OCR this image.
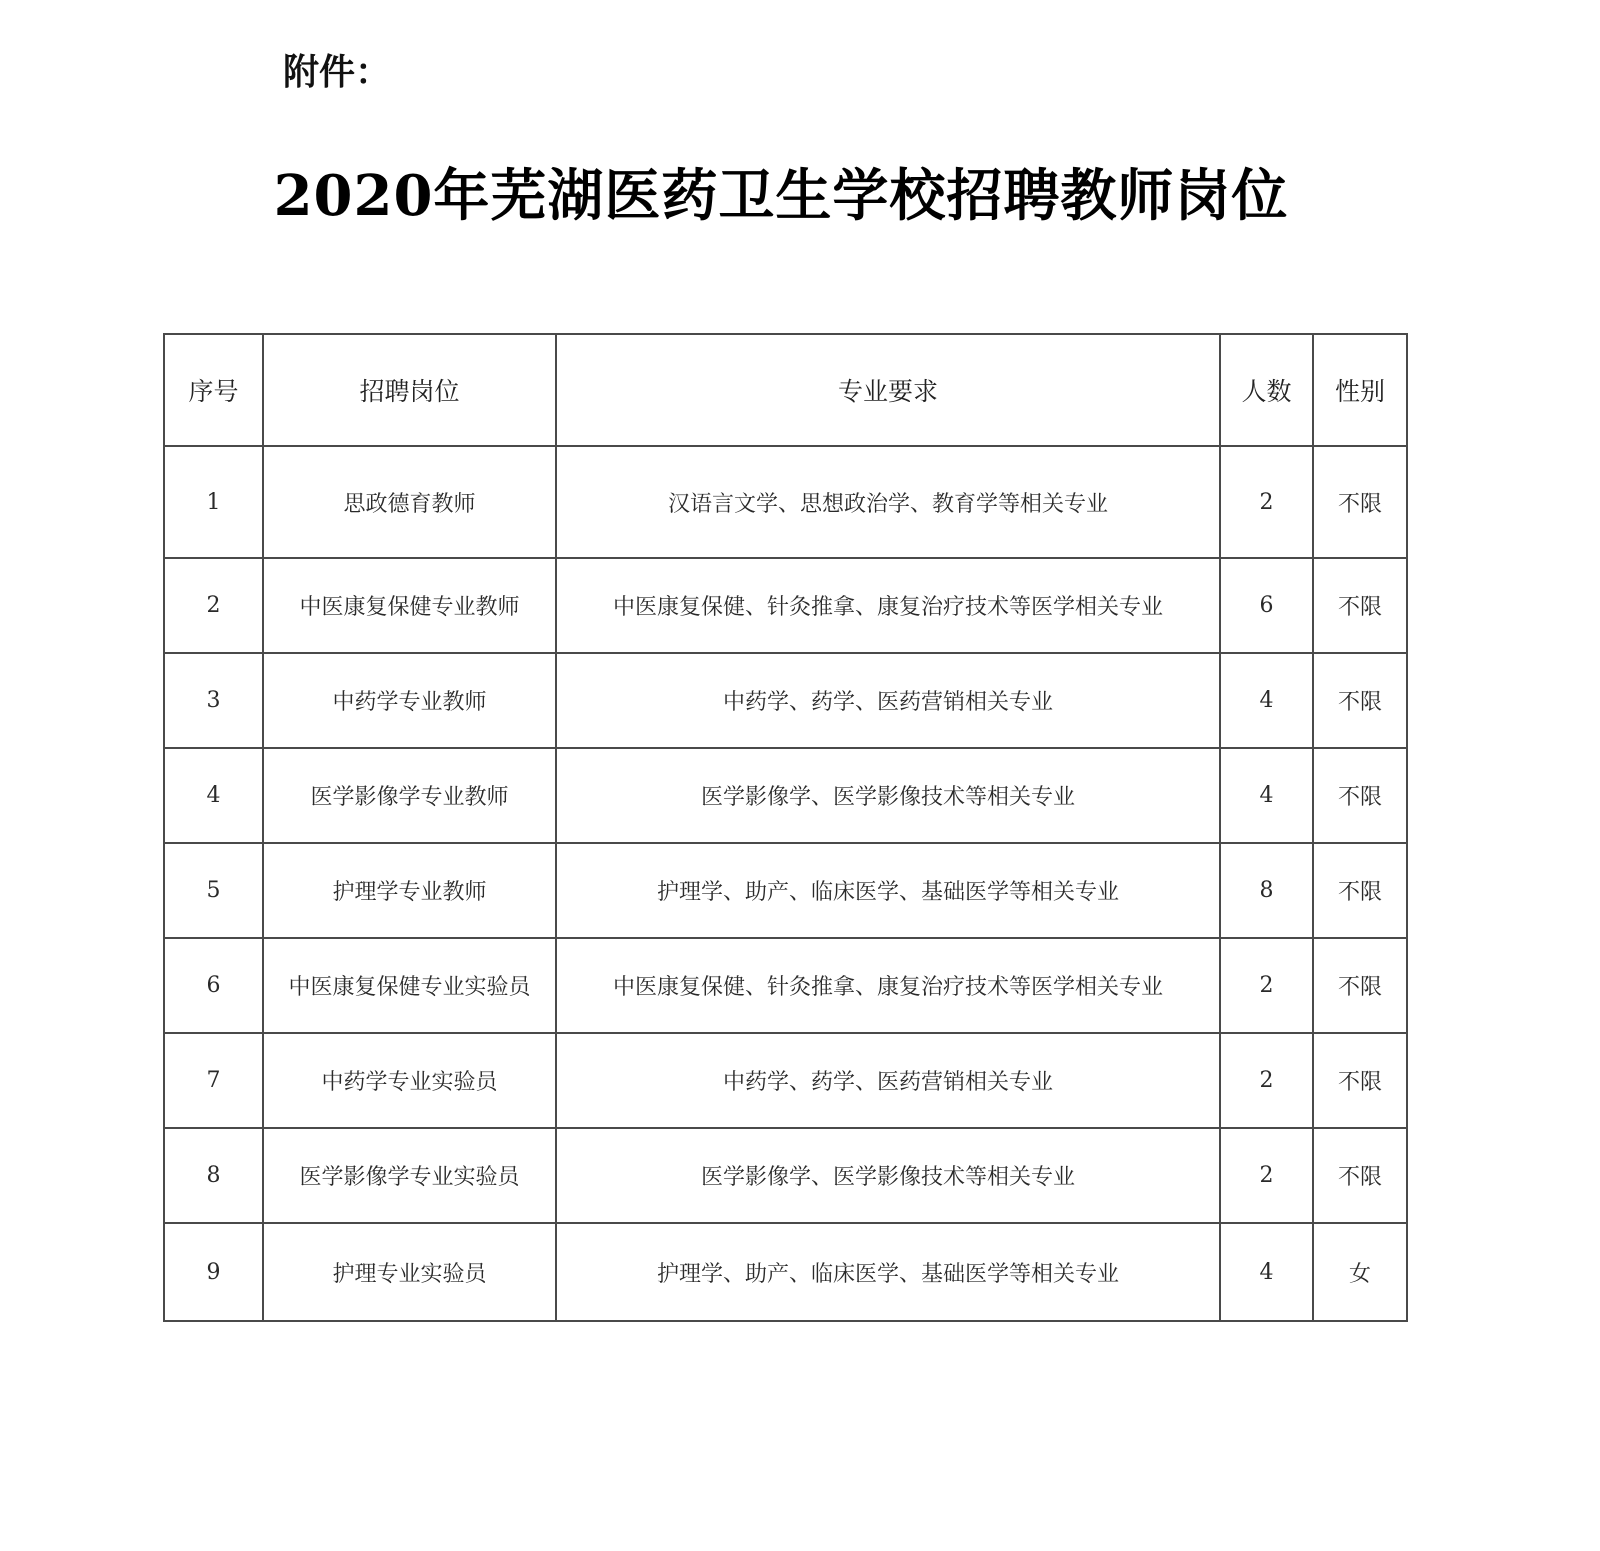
附件：
2020年芜湖医药卫生学校招聘教师岗位
序号	招聘岗位	专业要求	人数	性别
1	思政德育教师	汉语言文学、思想政治学、教育学等相关专业	2	不限
2	中医康复保健专业教师	中医康复保健、针灸推拿、康复治疗技术等医学相关专业	6	不限
3	中药学专业教师	中药学、药学、医药营销相关专业	4	不限
4	医学影像学专业教师	医学影像学、医学影像技术等相关专业	4	不限
5	护理学专业教师	护理学、助产、临床医学、基础医学等相关专业	8	不限
6	中医康复保健专业实验员	中医康复保健、针灸推拿、康复治疗技术等医学相关专业	2	不限
7	中药学专业实验员	中药学、药学、医药营销相关专业	2	不限
8	医学影像学专业实验员	医学影像学、医学影像技术等相关专业	2	不限
9	护理专业实验员	护理学、助产、临床医学、基础医学等相关专业	4	女
